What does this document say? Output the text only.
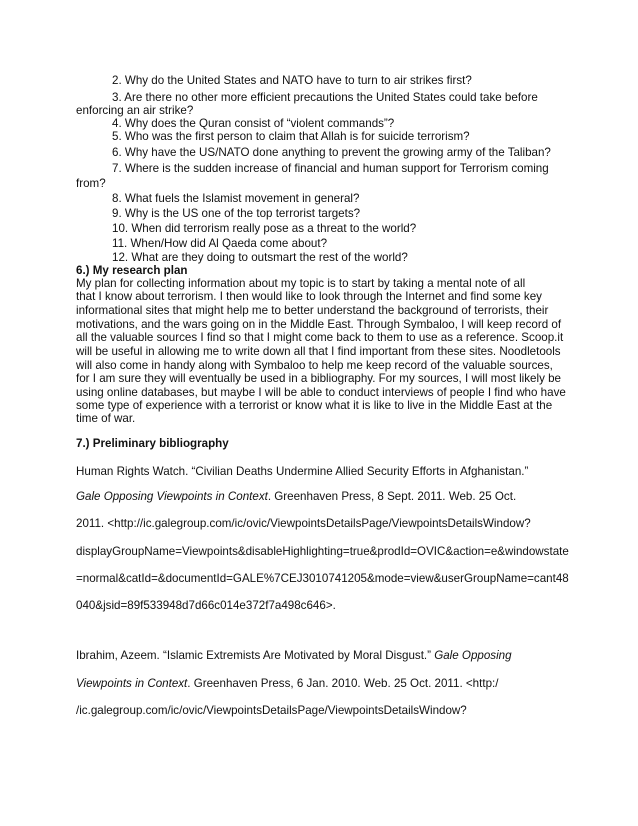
2. Why do the United States and NATO have to turn to air strikes first?

3. Are there no other more efficient precautions the United States could take before

enforcing an air strike?

4. Why does the Quran consist of “violent commands”?

5. Who was the first person to claim that Allah is for suicide terrorism?

6. Why have the US/NATO done anything to prevent the growing army of the Taliban?

7. Where is the sudden increase of financial and human support for Terrorism coming

from?

8. What fuels the Islamist movement in general?

9. Why is the US one of the top terrorist targets?

10. When did terrorism really pose as a threat to the world?

11. When/How did Al Qaeda come about?

12. What are they doing to outsmart the rest of the world?

6.) My research plan

My plan for collecting information about my topic is to start by taking a mental note of all

that I know about terrorism. I then would like to look through the Internet and find some key

informational sites that might help me to better understand the background of terrorists, their

motivations, and the wars going on in the Middle East. Through Symbaloo, I will keep record of

all the valuable sources I find so that I might come back to them to use as a reference. Scoop.it

will be useful in allowing me to write down all that I find important from these sites. Noodletools

will also come in handy along with Symbaloo to help me keep record of the valuable sources,

for I am sure they will eventually be used in a bibliography. For my sources, I will most likely be

using online databases, but maybe I will be able to conduct interviews of people I find who have

some type of experience with a terrorist or know what it is like to live in the Middle East at the

time of war.

7.) Preliminary bibliography

Human Rights Watch. “Civilian Deaths Undermine Allied Security Efforts in Afghanistan.”

Gale Opposing Viewpoints in Context. Greenhaven Press, 8 Sept. 2011. Web. 25 Oct.

2011. <http://ic.galegroup.com/ic/ovic/ViewpointsDetailsPage/ViewpointsDetailsWindow?

displayGroupName=Viewpoints&disableHighlighting=true&prodId=OVIC&action=e&windowstate

=normal&catId=&documentId=GALE%7CEJ3010741205&mode=view&userGroupName=cant48

040&jsid=89f533948d7d66c014e372f7a498c646>.

Ibrahim, Azeem. “Islamic Extremists Are Motivated by Moral Disgust.” Gale Opposing

Viewpoints in Context. Greenhaven Press, 6 Jan. 2010. Web. 25 Oct. 2011. <http:/

/ic.galegroup.com/ic/ovic/ViewpointsDetailsPage/ViewpointsDetailsWindow?
